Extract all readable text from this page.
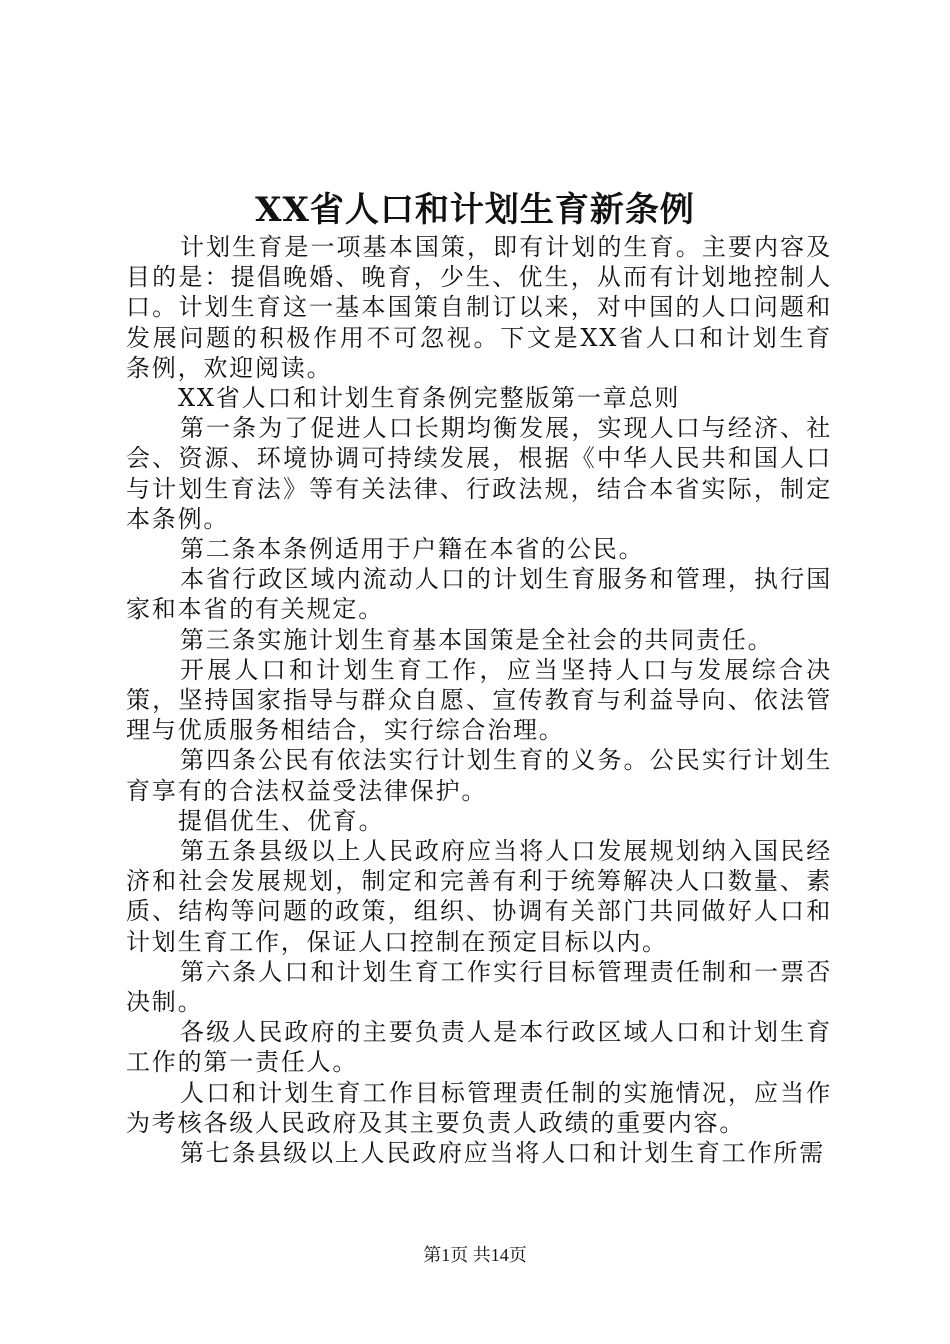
XX省人口和计划生育新条例

计划生育是一项基本国策，即有计划的生育。主要内容及目的是：提倡晚婚、晚育，少生、优生，从而有计划地控制人口。计划生育这一基本国策自制订以来，对中国的人口问题和发展问题的积极作用不可忽视。下文是XX省人口和计划生育条例，欢迎阅读。

XX省人口和计划生育条例完整版第一章总则

第一条为了促进人口长期均衡发展，实现人口与经济、社会、资源、环境协调可持续发展，根据《中华人民共和国人口与计划生育法》等有关法律、行政法规，结合本省实际，制定本条例。

第二条本条例适用于户籍在本省的公民。

本省行政区域内流动人口的计划生育服务和管理，执行国家和本省的有关规定。

第三条实施计划生育基本国策是全社会的共同责任。

开展人口和计划生育工作，应当坚持人口与发展综合决策，坚持国家指导与群众自愿、宣传教育与利益导向、依法管理与优质服务相结合，实行综合治理。

第四条公民有依法实行计划生育的义务。公民实行计划生育享有的合法权益受法律保护。

提倡优生、优育。

第五条县级以上人民政府应当将人口发展规划纳入国民经济和社会发展规划，制定和完善有利于统筹解决人口数量、素质、结构等问题的政策，组织、协调有关部门共同做好人口和计划生育工作，保证人口控制在预定目标以内。

第六条人口和计划生育工作实行目标管理责任制和一票否决制。

各级人民政府的主要负责人是本行政区域人口和计划生育工作的第一责任人。

人口和计划生育工作目标管理责任制的实施情况，应当作为考核各级人民政府及其主要负责人政绩的重要内容。

第七条县级以上人民政府应当将人口和计划生育工作所需

第1页 共14页
